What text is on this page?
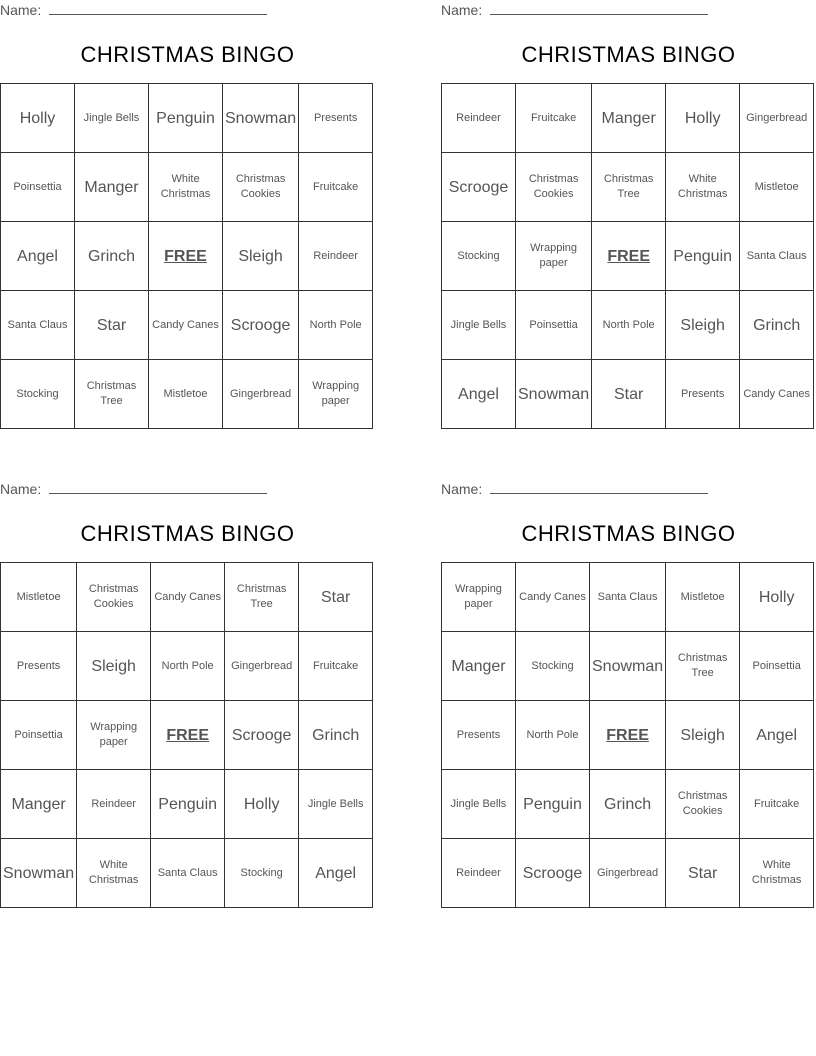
Name:
CHRISTMAS BINGO
Holly	Jingle Bells	Penguin	Snowman	Presents
Poinsettia	Manger	White Christmas	Christmas Cookies	Fruitcake
Angel	Grinch	FREE	Sleigh	Reindeer
Santa Claus	Star	Candy Canes	Scrooge	North Pole
Stocking	Christmas Tree	Mistletoe	Gingerbread	Wrapping paper
Name:
CHRISTMAS BINGO
Reindeer	Fruitcake	Manger	Holly	Gingerbread
Scrooge	Christmas Cookies	Christmas Tree	White Christmas	Mistletoe
Stocking	Wrapping paper	FREE	Penguin	Santa Claus
Jingle Bells	Poinsettia	North Pole	Sleigh	Grinch
Angel	Snowman	Star	Presents	Candy Canes
Name:
CHRISTMAS BINGO
Mistletoe	Christmas Cookies	Candy Canes	Christmas Tree	Star
Presents	Sleigh	North Pole	Gingerbread	Fruitcake
Poinsettia	Wrapping paper	FREE	Scrooge	Grinch
Manger	Reindeer	Penguin	Holly	Jingle Bells
Snowman	White Christmas	Santa Claus	Stocking	Angel
Name:
CHRISTMAS BINGO
Wrapping paper	Candy Canes	Santa Claus	Mistletoe	Holly
Manger	Stocking	Snowman	Christmas Tree	Poinsettia
Presents	North Pole	FREE	Sleigh	Angel
Jingle Bells	Penguin	Grinch	Christmas Cookies	Fruitcake
Reindeer	Scrooge	Gingerbread	Star	White Christmas
